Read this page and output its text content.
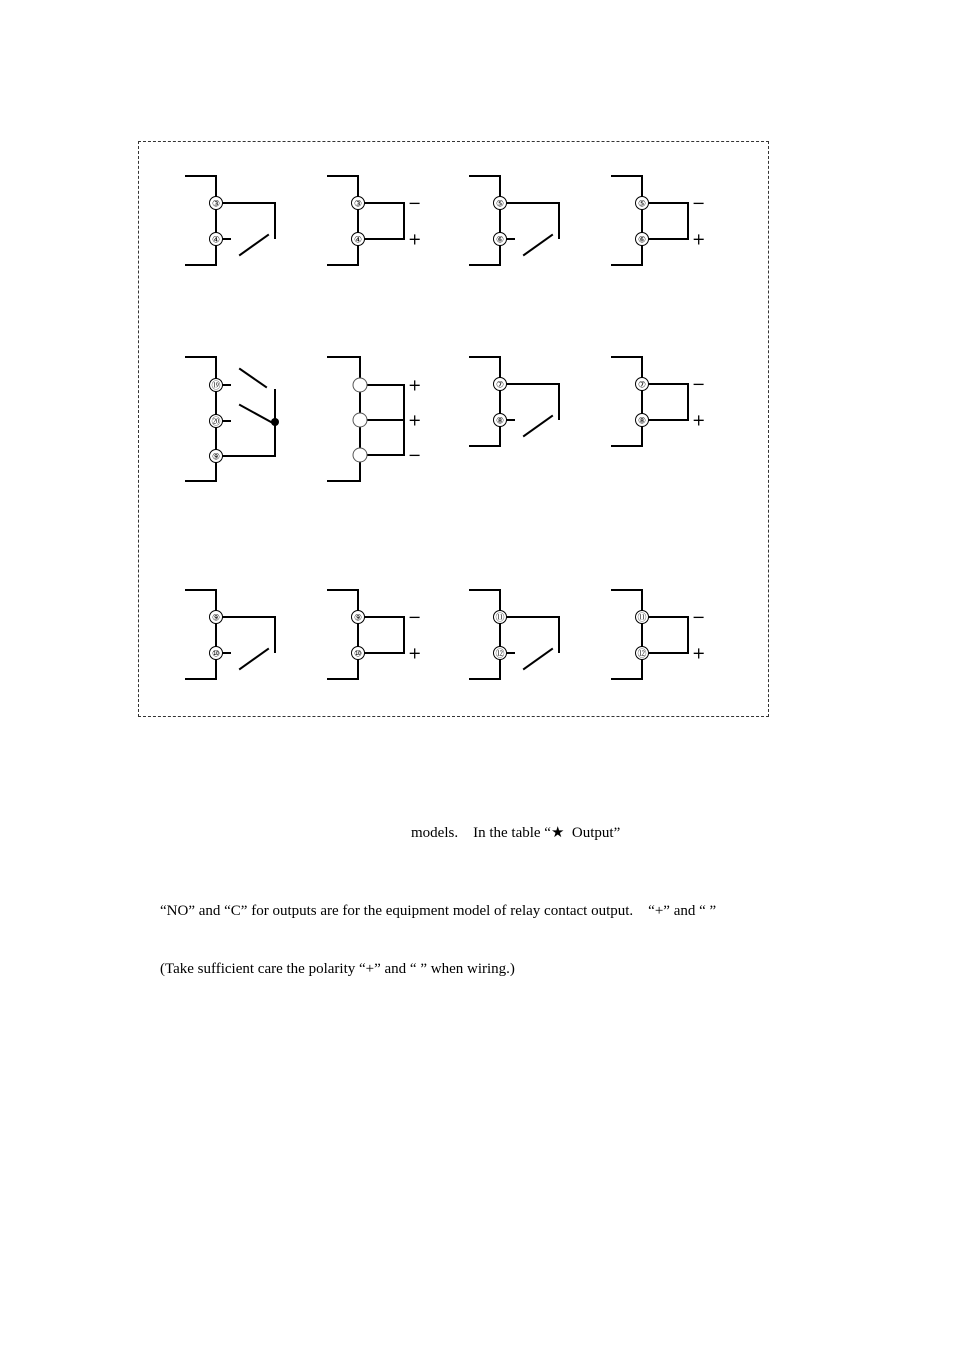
③
④
−
+
③
④
⑤
⑥
−
+
⑤
⑥
⑲
⑳
⑨
+
+
−
⑦
⑧
−
+
⑦
⑧
⑨
⑩
−
+
⑨
⑩
⑪
⑫
−
+
⑪
⑫
models.    In the table “★  Output”
“NO” and “C” for outputs are for the equipment model of relay contact output.    “+” and “ ”
(Take sufficient care the polarity “+” and “ ” when wiring.)
